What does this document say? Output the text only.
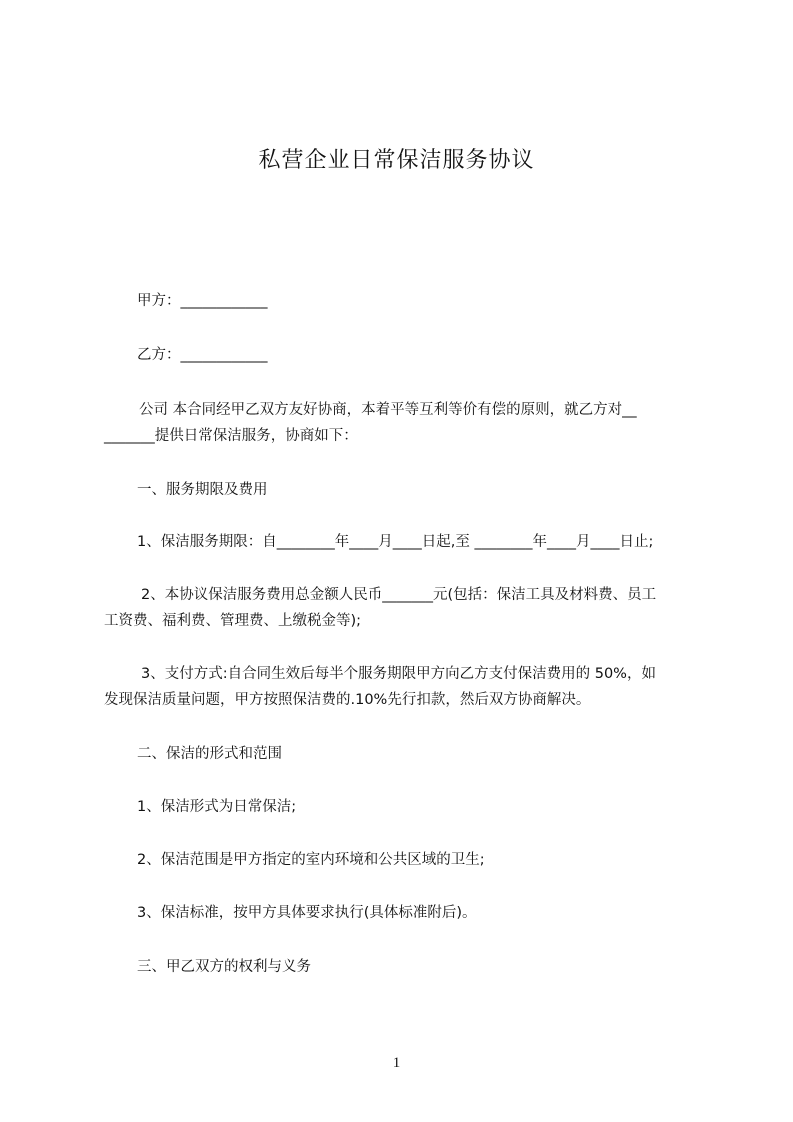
私营企业日常保洁服务协议
甲方：____________
乙方：____________
公司 本合同经甲乙双方友好协商，本着平等互利等价有偿的原则，就乙方对__
_______提供日常保洁服务，协商如下：
一、服务期限及费用
1、保洁服务期限：自________年____月____日起,至 ________年____月____日止;
2、本协议保洁服务费用总金额人民币_______元(包括：保洁工具及材料费、员工
工资费、福利费、管理费、上缴税金等);
3、支付方式:自合同生效后每半个服务期限甲方向乙方支付保洁费用的 50%，如
发现保洁质量问题，甲方按照保洁费的.10%先行扣款，然后双方协商解决。
二、保洁的形式和范围
1、保洁形式为日常保洁;
2、保洁范围是甲方指定的室内环境和公共区域的卫生;
3、保洁标准，按甲方具体要求执行(具体标准附后)。
三、甲乙双方的权利与义务
1
